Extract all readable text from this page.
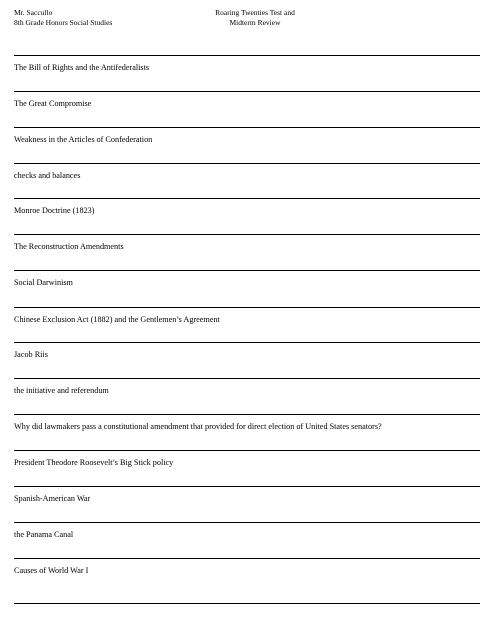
Mr. Saccullo
8th Grade Honors Social Studies
Roaring Twenties Test and
Midterm Review
The Bill of Rights and the Antifederalists
The Great Compromise
Weakness in the Articles of Confederation
checks and balances
Monroe Doctrine (1823)
The Reconstruction Amendments
Social Darwinism
Chinese Exclusion Act (1882) and the Gentlemen’s Agreement
Jacob Riis
the initiative and referendum
Why did lawmakers pass a constitutional amendment that provided for direct election of United States senators?
President Theodore Roosevelt’s Big Stick policy
Spanish-American War
the Panama Canal
Causes of World War I
